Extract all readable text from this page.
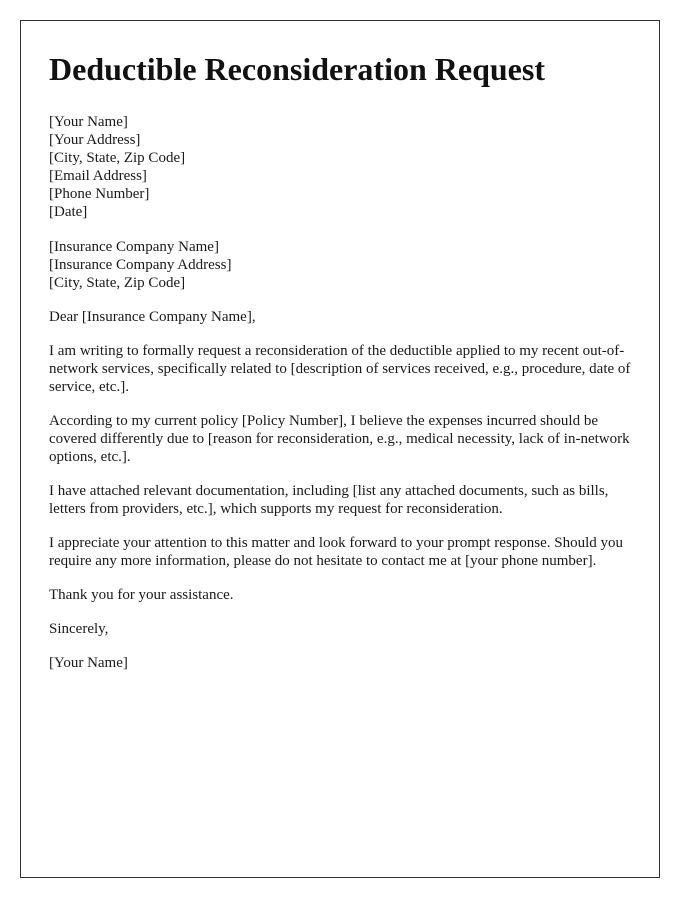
Deductible Reconsideration Request
[Your Name]
[Your Address]
[City, State, Zip Code]
[Email Address]
[Phone Number]
[Date]
[Insurance Company Name]
[Insurance Company Address]
[City, State, Zip Code]
Dear [Insurance Company Name],
I am writing to formally request a reconsideration of the deductible applied to my recent out-of-network services, specifically related to [description of services received, e.g., procedure, date of service, etc.].
According to my current policy [Policy Number], I believe the expenses incurred should be covered differently due to [reason for reconsideration, e.g., medical necessity, lack of in-network options, etc.].
I have attached relevant documentation, including [list any attached documents, such as bills, letters from providers, etc.], which supports my request for reconsideration.
I appreciate your attention to this matter and look forward to your prompt response. Should you require any more information, please do not hesitate to contact me at [your phone number].
Thank you for your assistance.
Sincerely,
[Your Name]
